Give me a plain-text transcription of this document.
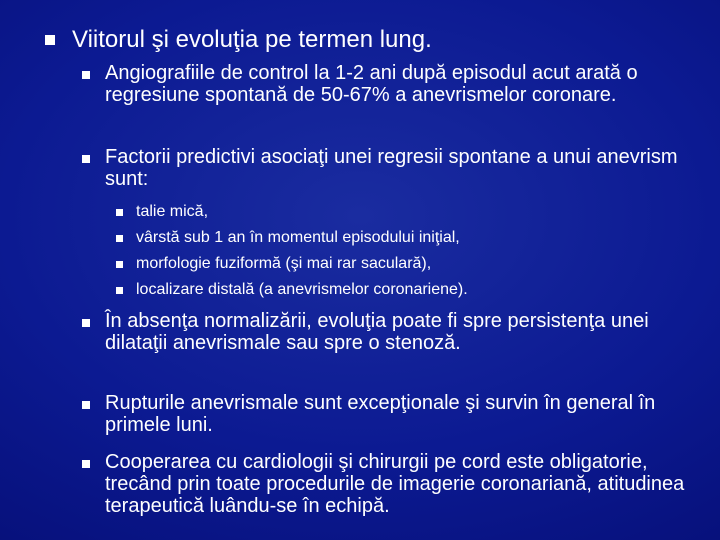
Viitorul şi evoluţia pe termen lung.
Angiografiile de control la 1-2 ani după episodul acut arată o regresiune spontană de 50-67% a anevrismelor coronare.
Factorii predictivi asociaţi unei regresii spontane a unui anevrism sunt:
talie mică,
vârstă sub 1 an în momentul episodului iniţial,
morfologie fuziformă (şi mai rar saculară),
localizare distală (a anevrismelor coronariene).
În absenţa normalizării, evoluţia poate fi spre persistenţa unei dilataţii anevrismale sau spre o stenoză.
Rupturile anevrismale sunt excepţionale şi survin în general în primele luni.
Cooperarea cu cardiologii şi chirurgii pe cord este obligatorie, trecând prin toate procedurile de imagerie coronariană, atitudinea terapeutică luându-se în echipă.
